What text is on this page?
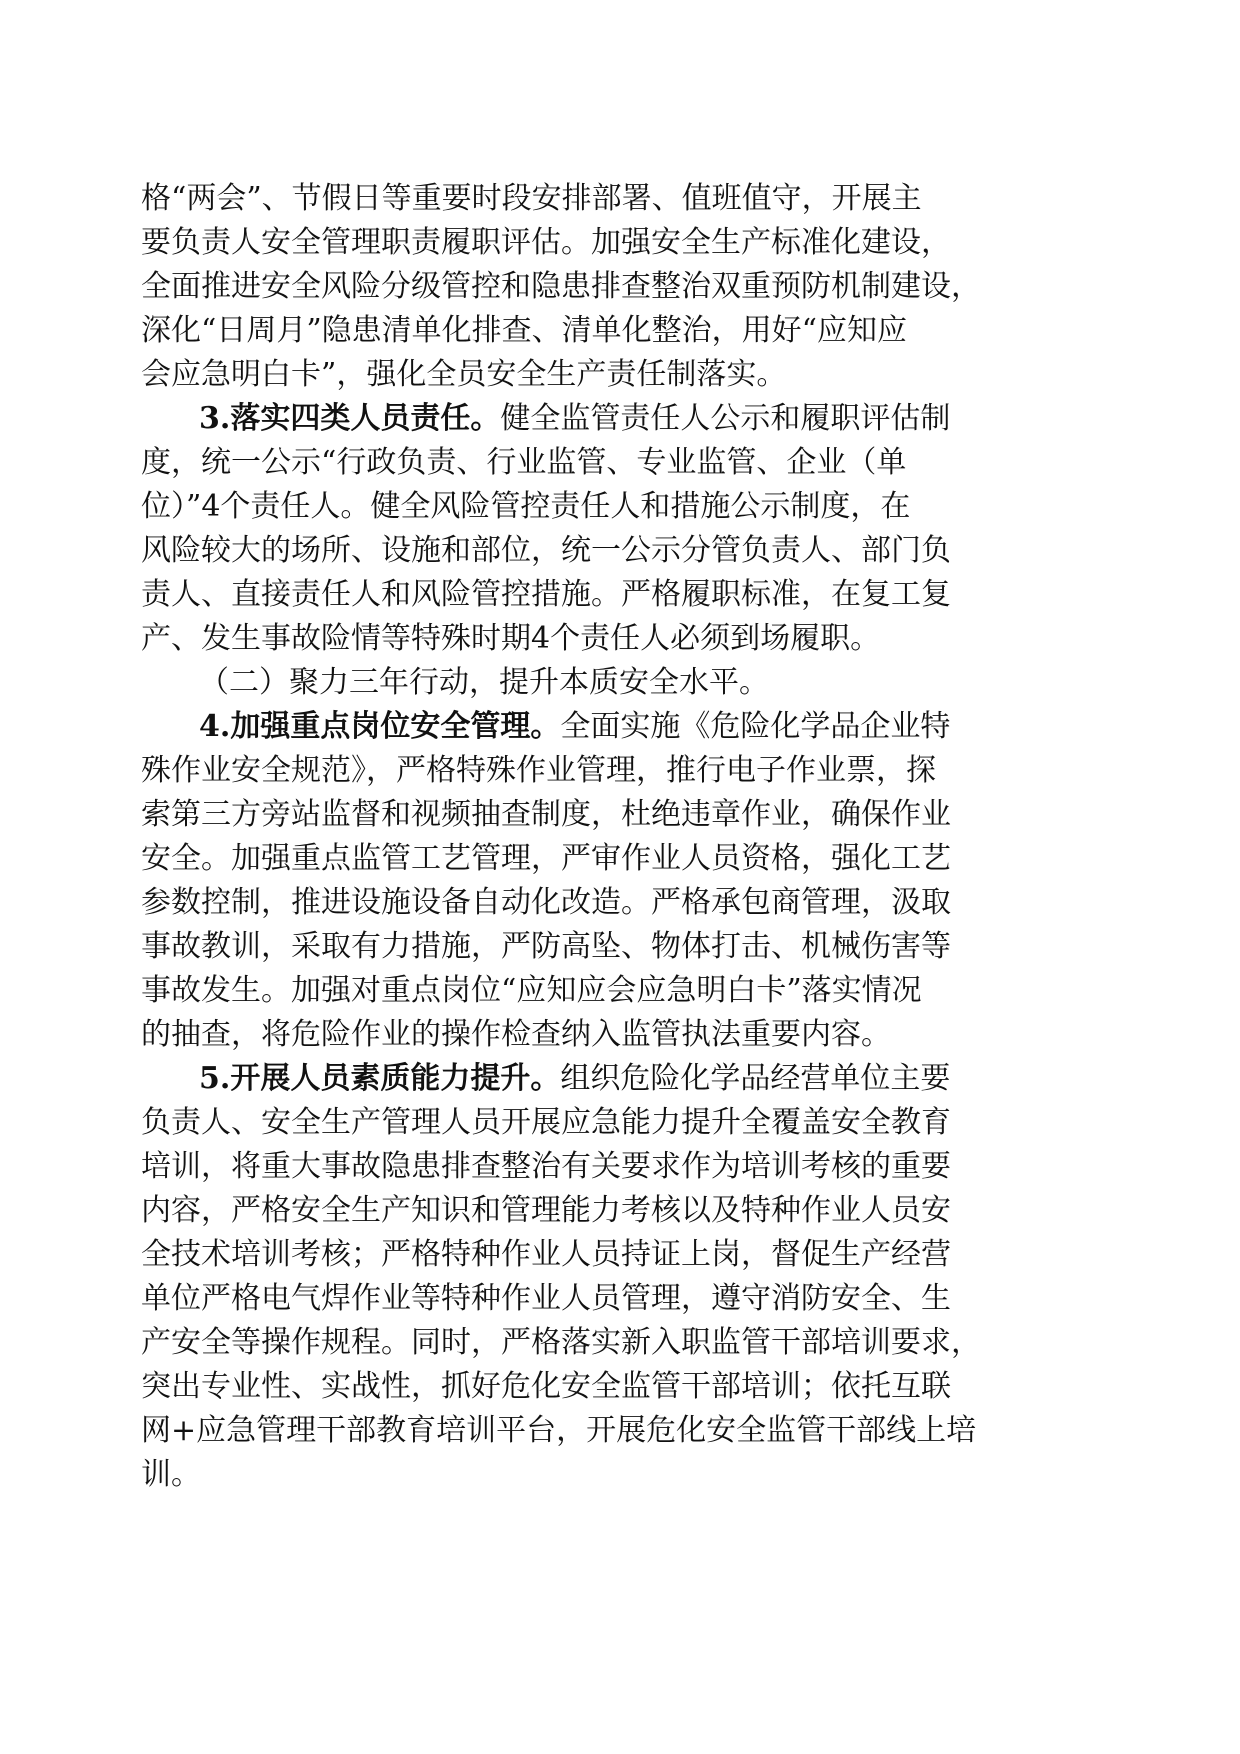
格“两会”、节假日等重要时段安排部署、值班值守，开展主
要负责人安全管理职责履职评估。加强安全生产标准化建设，
全面推进安全风险分级管控和隐患排查整治双重预防机制建设，
深化“日周月”隐患清单化排查、清单化整治，用好“应知应
会应急明白卡”，强化全员安全生产责任制落实。
3.落实四类人员责任。健全监管责任人公示和履职评估制
度，统一公示“行政负责、行业监管、专业监管、企业（单
位）”4个责任人。健全风险管控责任人和措施公示制度，在
风险较大的场所、设施和部位，统一公示分管负责人、部门负
责人、直接责任人和风险管控措施。严格履职标准，在复工复
产、发生事故险情等特殊时期4个责任人必须到场履职。
（二）聚力三年行动，提升本质安全水平。
4.加强重点岗位安全管理。全面实施《危险化学品企业特
殊作业安全规范》，严格特殊作业管理，推行电子作业票，探
索第三方旁站监督和视频抽查制度，杜绝违章作业，确保作业
安全。加强重点监管工艺管理，严审作业人员资格，强化工艺
参数控制，推进设施设备自动化改造。严格承包商管理，汲取
事故教训，采取有力措施，严防高坠、物体打击、机械伤害等
事故发生。加强对重点岗位“应知应会应急明白卡”落实情况
的抽查，将危险作业的操作检查纳入监管执法重要内容。
5.开展人员素质能力提升。组织危险化学品经营单位主要
负责人、安全生产管理人员开展应急能力提升全覆盖安全教育
培训，将重大事故隐患排查整治有关要求作为培训考核的重要
内容，严格安全生产知识和管理能力考核以及特种作业人员安
全技术培训考核；严格特种作业人员持证上岗，督促生产经营
单位严格电气焊作业等特种作业人员管理，遵守消防安全、生
产安全等操作规程。同时，严格落实新入职监管干部培训要求，
突出专业性、实战性，抓好危化安全监管干部培训；依托互联
网+应急管理干部教育培训平台，开展危化安全监管干部线上培
训。
